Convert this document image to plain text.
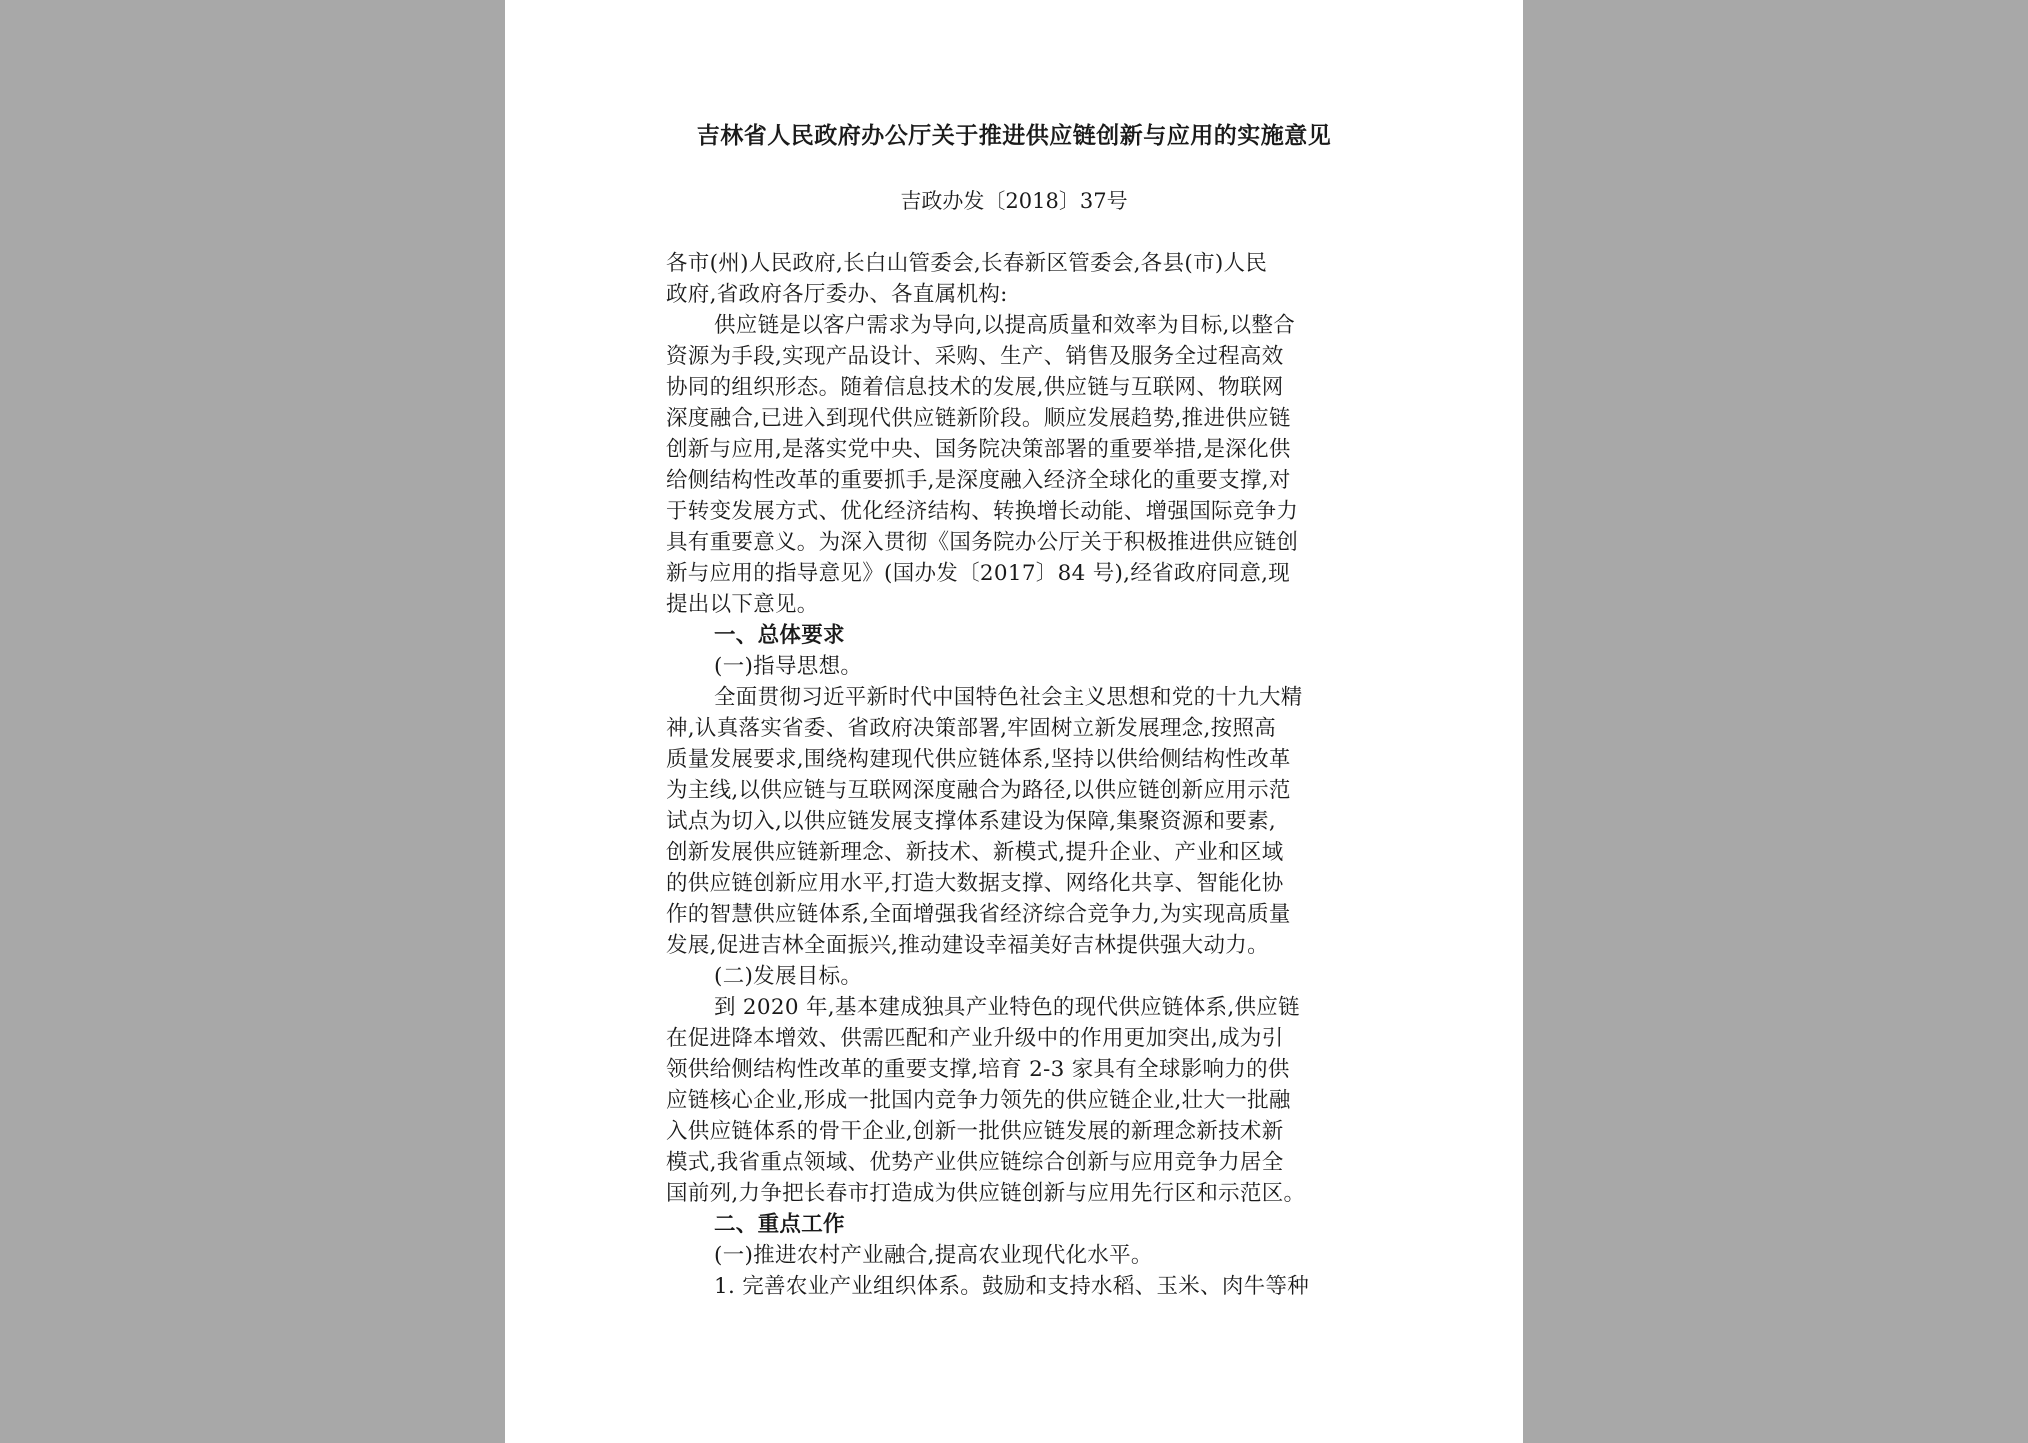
吉林省人民政府办公厅关于推进供应链创新与应用的实施意见
吉政办发〔2018〕37号
各市(州)人民政府,长白山管委会,长春新区管委会,各县(市)人民
政府,省政府各厅委办、各直属机构:
供应链是以客户需求为导向,以提高质量和效率为目标,以整合
资源为手段,实现产品设计、采购、生产、销售及服务全过程高效
协同的组织形态。随着信息技术的发展,供应链与互联网、物联网
深度融合,已进入到现代供应链新阶段。顺应发展趋势,推进供应链
创新与应用,是落实党中央、国务院决策部署的重要举措,是深化供
给侧结构性改革的重要抓手,是深度融入经济全球化的重要支撑,对
于转变发展方式、优化经济结构、转换增长动能、增强国际竞争力
具有重要意义。为深入贯彻《国务院办公厅关于积极推进供应链创
新与应用的指导意见》(国办发〔2017〕84 号),经省政府同意,现
提出以下意见。
一、总体要求
(一)指导思想。
全面贯彻习近平新时代中国特色社会主义思想和党的十九大精
神,认真落实省委、省政府决策部署,牢固树立新发展理念,按照高
质量发展要求,围绕构建现代供应链体系,坚持以供给侧结构性改革
为主线,以供应链与互联网深度融合为路径,以供应链创新应用示范
试点为切入,以供应链发展支撑体系建设为保障,集聚资源和要素,
创新发展供应链新理念、新技术、新模式,提升企业、产业和区域
的供应链创新应用水平,打造大数据支撑、网络化共享、智能化协
作的智慧供应链体系,全面增强我省经济综合竞争力,为实现高质量
发展,促进吉林全面振兴,推动建设幸福美好吉林提供强大动力。
(二)发展目标。
到 2020 年,基本建成独具产业特色的现代供应链体系,供应链
在促进降本增效、供需匹配和产业升级中的作用更加突出,成为引
领供给侧结构性改革的重要支撑,培育 2-3 家具有全球影响力的供
应链核心企业,形成一批国内竞争力领先的供应链企业,壮大一批融
入供应链体系的骨干企业,创新一批供应链发展的新理念新技术新
模式,我省重点领域、优势产业供应链综合创新与应用竞争力居全
国前列,力争把长春市打造成为供应链创新与应用先行区和示范区。
二、重点工作
(一)推进农村产业融合,提高农业现代化水平。
1. 完善农业产业组织体系。鼓励和支持水稻、玉米、肉牛等种
